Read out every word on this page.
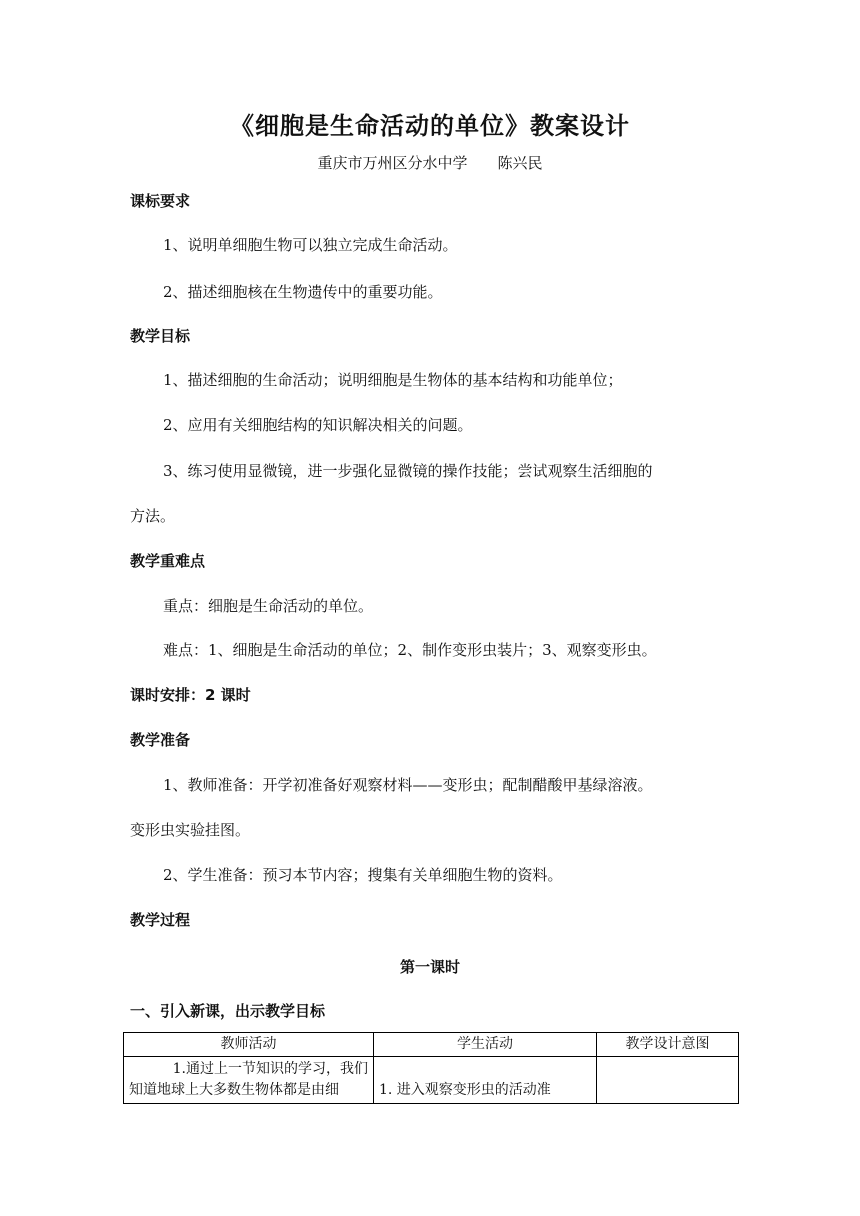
《细胞是生命活动的单位》教案设计
重庆市万州区分水中学 陈兴民
课标要求
1、说明单细胞生物可以独立完成生命活动。
2、描述细胞核在生物遗传中的重要功能。
教学目标
1、描述细胞的生命活动；说明细胞是生物体的基本结构和功能单位；
2、应用有关细胞结构的知识解决相关的问题。
3、练习使用显微镜，进一步强化显微镜的操作技能；尝试观察生活细胞的
方法。
教学重难点
重点：细胞是生命活动的单位。
难点：1、细胞是生命活动的单位；2、制作变形虫装片；3、观察变形虫。
课时安排：2 课时
教学准备
1、教师准备：开学初准备好观察材料——变形虫；配制醋酸甲基绿溶液。
变形虫实验挂图。
2、学生准备：预习本节内容；搜集有关单细胞生物的资料。
教学过程
第一课时
一、引入新课，出示教学目标
教师活动	学生活动	教学设计意图

1.通过上一节知识的学习，我们
知道地球上大多数生物体都是由细	1. 进入观察变形虫的活动准	
